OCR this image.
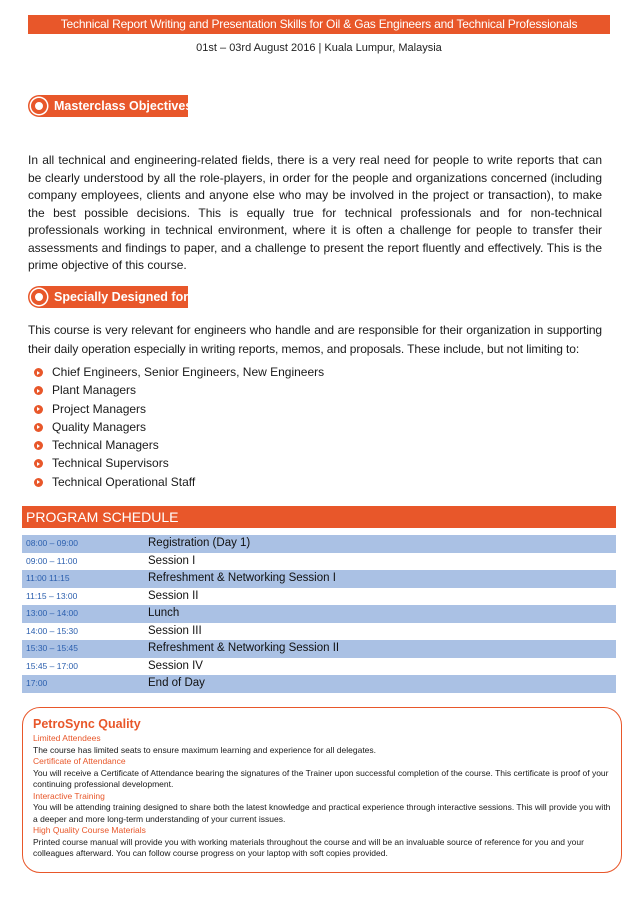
Technical Report Writing and Presentation Skills for Oil & Gas Engineers and Technical Professionals
01st – 03rd August 2016 | Kuala Lumpur, Malaysia
Masterclass Objectives

In all technical and engineering-related fields, there is a very real need for people to write reports that can be clearly understood by all the role-players, in order for the people and organizations concerned (including company employees, clients and anyone else who may be involved in the project or transaction), to make the best possible decisions. This is equally true for technical professionals and for non-technical professionals working in technical environment, where it is often a challenge for people to transfer their assessments and findings to paper, and a challenge to present the report fluently and effectively. This is the prime objective of this course.

Specially Designed for

This course is very relevant for engineers who handle and are responsible for their organization in supporting their daily operation especially in writing reports, memos, and proposals. These include, but not limiting to:

Chief Engineers, Senior Engineers, New Engineers
Plant Managers
Project Managers
Quality Managers
Technical Managers
Technical Supervisors
Technical Operational Staff
PROGRAM SCHEDULE
08:00 – 09:00	Registration (Day 1)
09:00 – 11:00	Session I
11:00 11:15	Refreshment & Networking Session I
11:15 – 13:00	Session II
13:00 – 14:00	Lunch
14:00 – 15:30	Session III
15:30 – 15:45	Refreshment & Networking Session II
15:45 – 17:00	Session IV
17:00	End of Day
PetroSync Quality
Limited Attendees
The course has limited seats to ensure maximum learning and experience for all delegates.
Certificate of Attendance
You will receive a Certificate of Attendance bearing the signatures of the Trainer upon successful completion of the course. This certificate is proof of your continuing professional development.
Interactive Training
You will be attending training designed to share both the latest knowledge and practical experience through interactive sessions. This will provide you with a deeper and more long-term understanding of your current issues.
High Quality Course Materials
Printed course manual will provide you with working materials throughout the course and will be an invaluable source of reference for you and your colleagues afterward. You can follow course progress on your laptop with soft copies provided.
